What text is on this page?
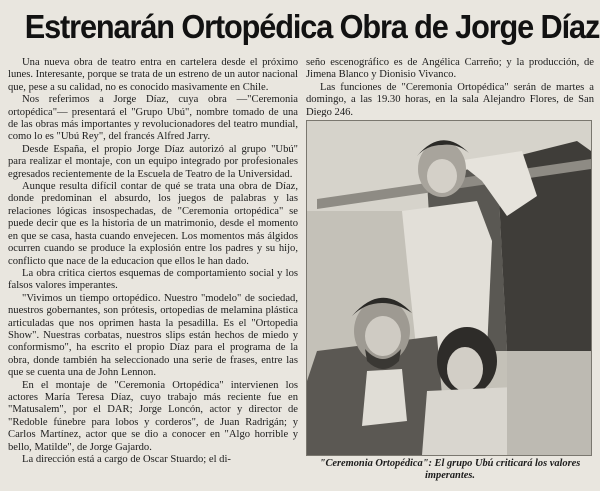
Estrenarán Ortopédica Obra de Jorge Díaz

Una nueva obra de teatro entra en cartelera desde el próximo lunes. Interesante, porque se trata de un estreno de un autor nacional que, pese a su calidad, no es conocido masivamente en Chile.

Nos referimos a Jorge Díaz, cuya obra —"Ceremonia ortopédica"— presentará el "Grupo Ubú", nombre tomado de una de las obras más importantes y revolucionadores del teatro mundial, como lo es "Ubú Rey", del francés Alfred Jarry.

Desde España, el propio Jorge Díaz autorizó al grupo "Ubú" para realizar el montaje, con un equipo integrado por profesionales egresados recientemente de la Escuela de Teatro de la Universidad.

Aunque resulta difícil contar de qué se trata una obra de Díaz, donde predominan el absurdo, los juegos de palabras y las relaciones lógicas insospechadas, de "Ceremonia ortopédica" se puede decir que es la historia de un matrimonio, desde el momento en que se casa, hasta cuando envejecen. Los momentos más álgidos ocurren cuando se produce la explosión entre los padres y su hijo, conflicto que nace de la educacion que ellos le han dado.

La obra critica ciertos esquemas de comportamiento social y los falsos valores imperantes.

"Vivimos un tiempo ortopédico. Nuestro "modelo" de sociedad, nuestros gobernantes, son prótesis, ortopedias de melamina plástica articuladas que nos oprimen hasta la pesadilla. Es el "Ortopedia Show". Nuestras corbatas, nuestros slips están hechos de miedo y conformismo", ha escrito el propio Díaz para el programa de la obra, donde también ha seleccionado una serie de frases, entre las que se cuenta una de John Lennon.

En el montaje de "Ceremonia Ortopédica" intervienen los actores María Teresa Díaz, cuyo trabajo más reciente fue en "Matusalem", por el DAR; Jorge Loncón, actor y director de "Redoble fúnebre para lobos y corderos", de Juan Radrigán; y Carlos Martínez, actor que se dio a conocer en "Algo horrible y bello, Matilde", de Jorge Gajardo.

La dirección está a cargo de Oscar Stuardo; el di-

seño escenográfico es de Angélica Carreño; y la producción, de Jimena Blanco y Dionisio Vivanco.

Las funciones de "Ceremonia Ortopédica" serán de martes a domingo, a las 19.30 horas, en la sala Alejandro Flores, de San Diego 246.

"Ceremonia Ortopédica": El grupo Ubú criticará los valores imperantes.
